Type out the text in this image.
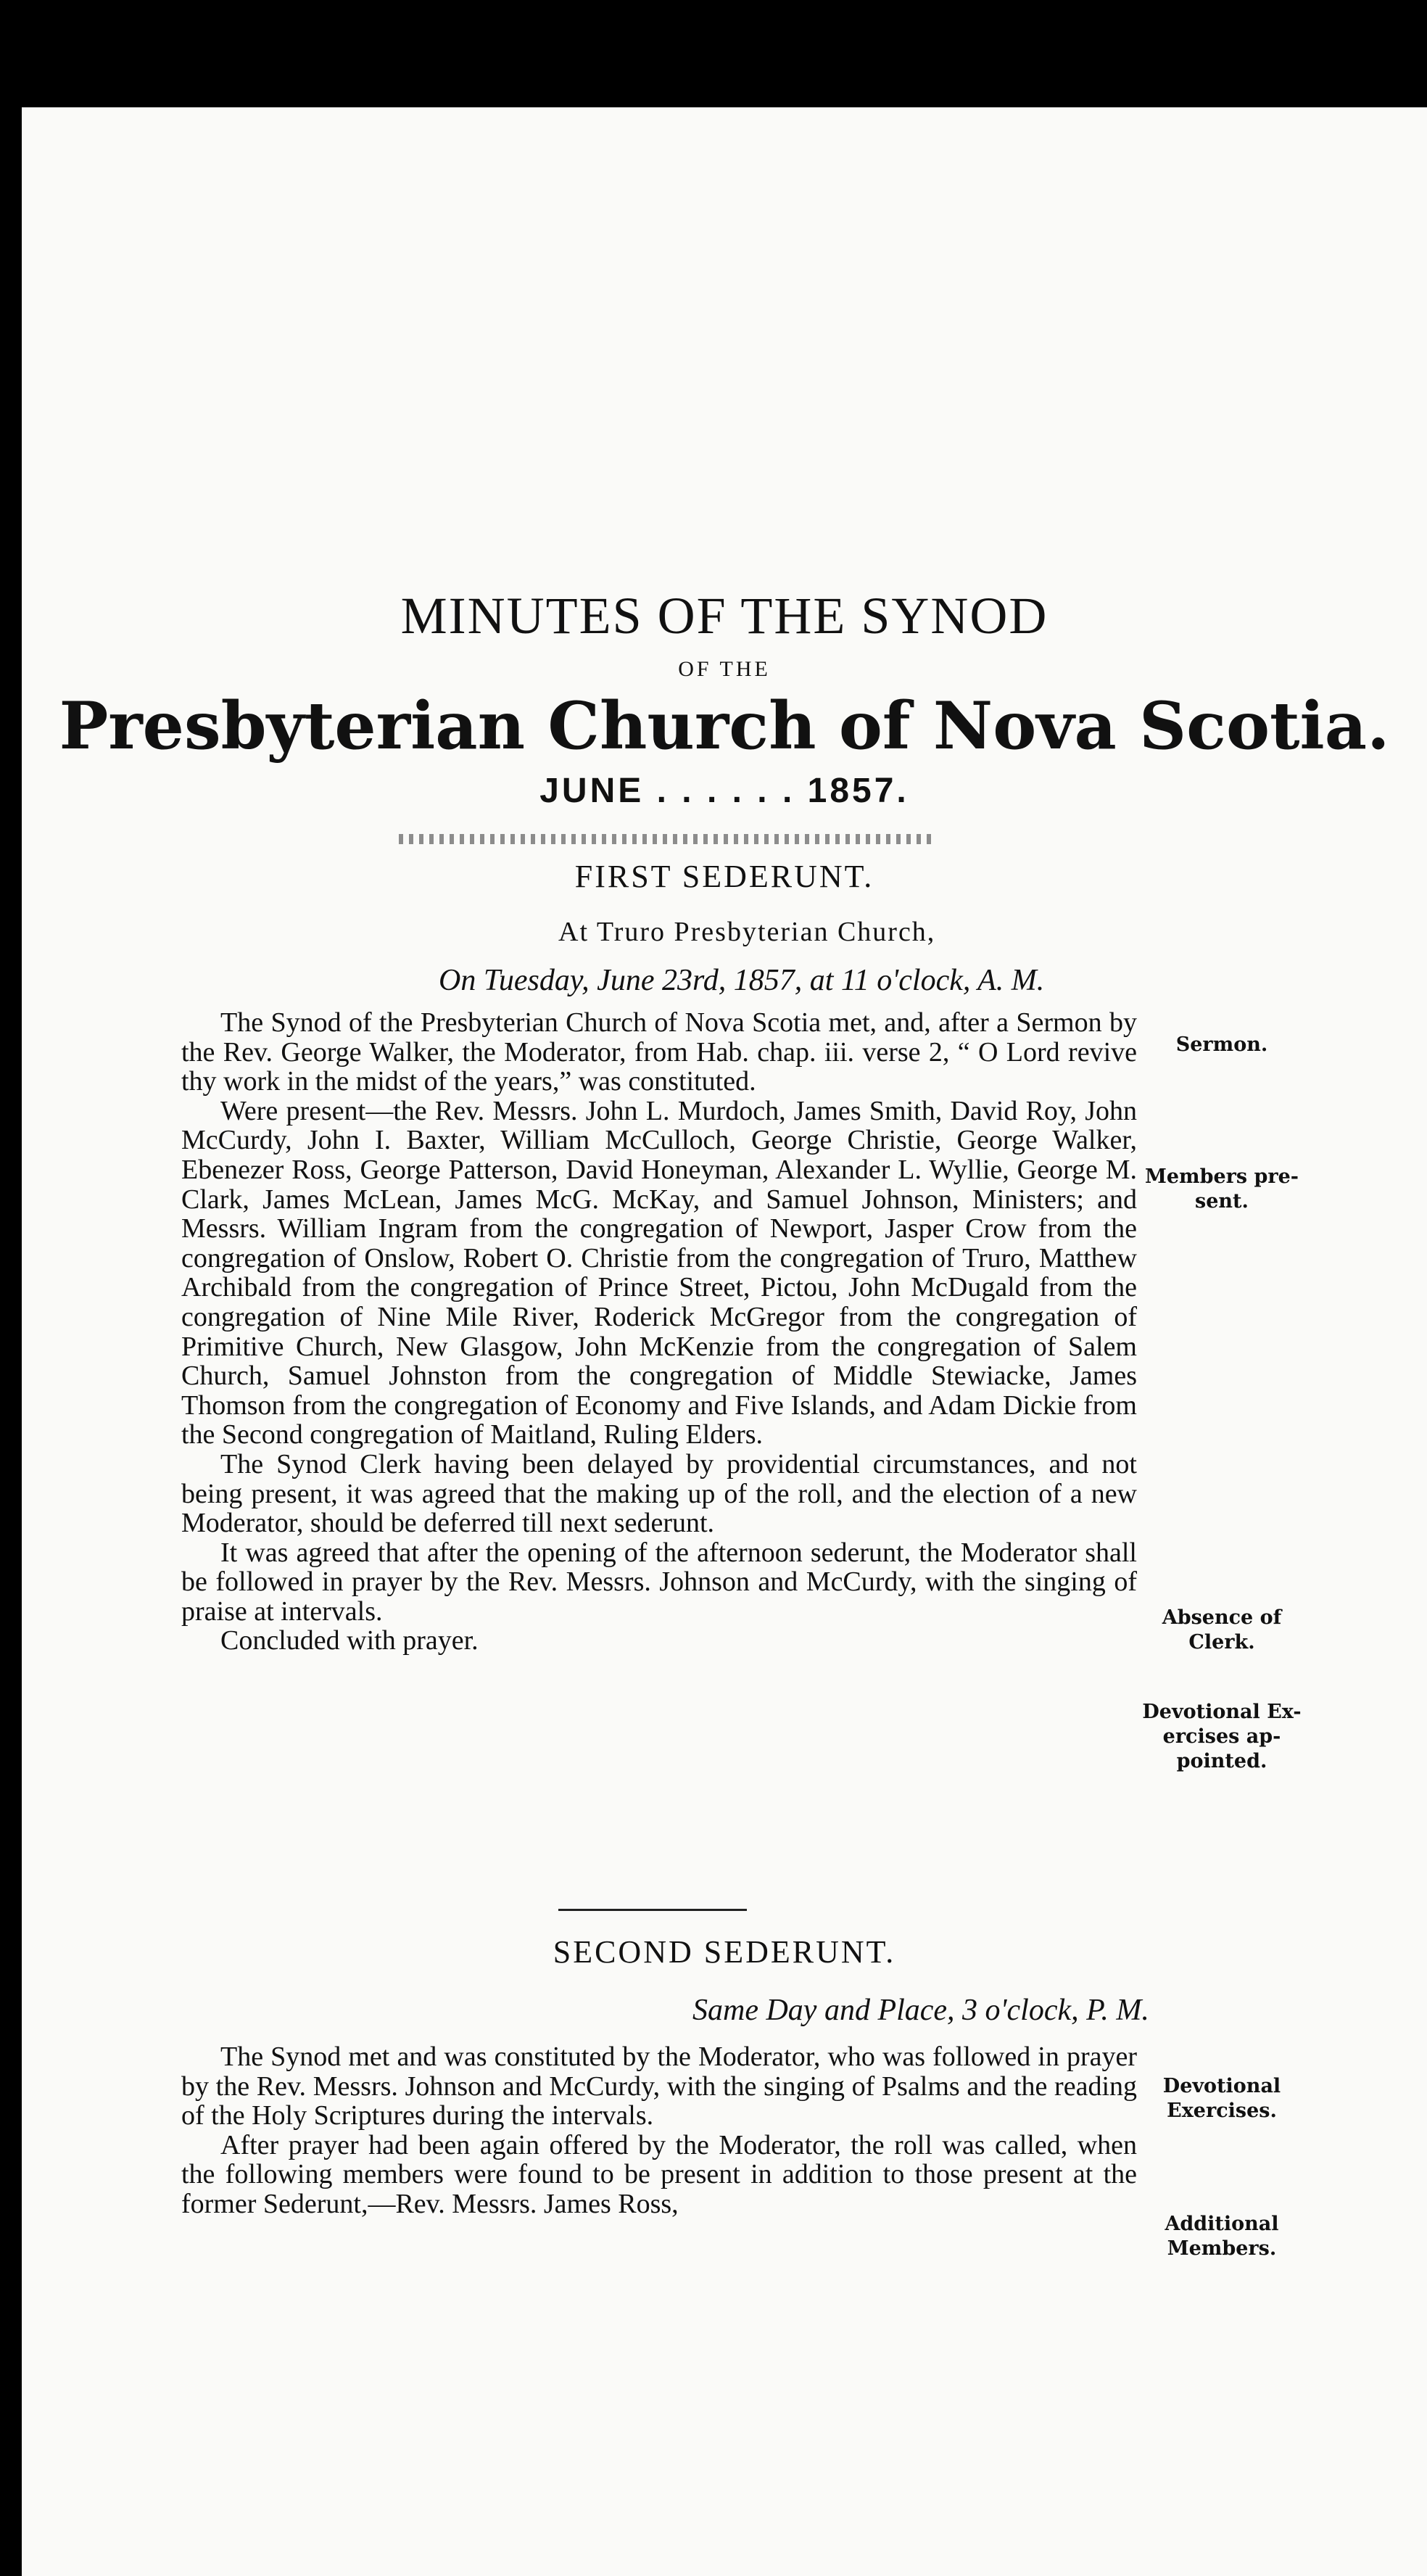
MINUTES OF THE SYNOD
OF THE
Presbyterian Church of Nova Scotia.
JUNE . . . . . . 1857.
FIRST SEDERUNT.
At Truro Presbyterian Church,
On Tuesday, June 23rd, 1857, at 11 o'clock, A. M.

The Synod of the Presbyterian Church of Nova Scotia met, and, after a Sermon by the Rev. George Walker, the Moderator, from Hab. chap. iii. verse 2, “ O Lord revive thy work in the midst of the years,” was constituted.

Were present—the Rev. Messrs. John L. Murdoch, James Smith, David Roy, John McCurdy, John I. Baxter, William McCulloch, George Christie, George Walker, Ebenezer Ross, George Patterson, David Honeyman, Alexander L. Wyllie, George M. Clark, James McLean, James McG. McKay, and Samuel Johnson, Ministers; and Messrs. William Ingram from the congregation of Newport, Jasper Crow from the congregation of Onslow, Robert O. Christie from the congregation of Truro, Matthew Archibald from the congregation of Prince Street, Pictou, John McDugald from the congregation of Nine Mile River, Roderick McGregor from the congregation of Primitive Church, New Glasgow, John McKenzie from the congregation of Salem Church, Samuel Johnston from the congregation of Middle Stewiacke, James Thomson from the congregation of Economy and Five Islands, and Adam Dickie from the Second congregation of Maitland, Ruling Elders.

The Synod Clerk having been delayed by providential circumstances, and not being present, it was agreed that the making up of the roll, and the election of a new Moderator, should be deferred till next sederunt.

It was agreed that after the opening of the afternoon sederunt, the Moderator shall be followed in prayer by the Rev. Messrs. Johnson and McCurdy, with the singing of praise at intervals.

Concluded with prayer.

Sermon.
Members pre-
sent.
Absence of
Clerk.
Devotional Ex-
ercises ap-
pointed.
SECOND SEDERUNT.
Same Day and Place, 3 o'clock, P. M.

The Synod met and was constituted by the Moderator, who was followed in prayer by the Rev. Messrs. Johnson and McCurdy, with the singing of Psalms and the reading of the Holy Scriptures during the intervals.

After prayer had been again offered by the Moderator, the roll was called, when the following members were found to be present in addition to those present at the former Sederunt,—Rev. Messrs. James Ross,

Devotional
Exercises.
Additional
Members.
